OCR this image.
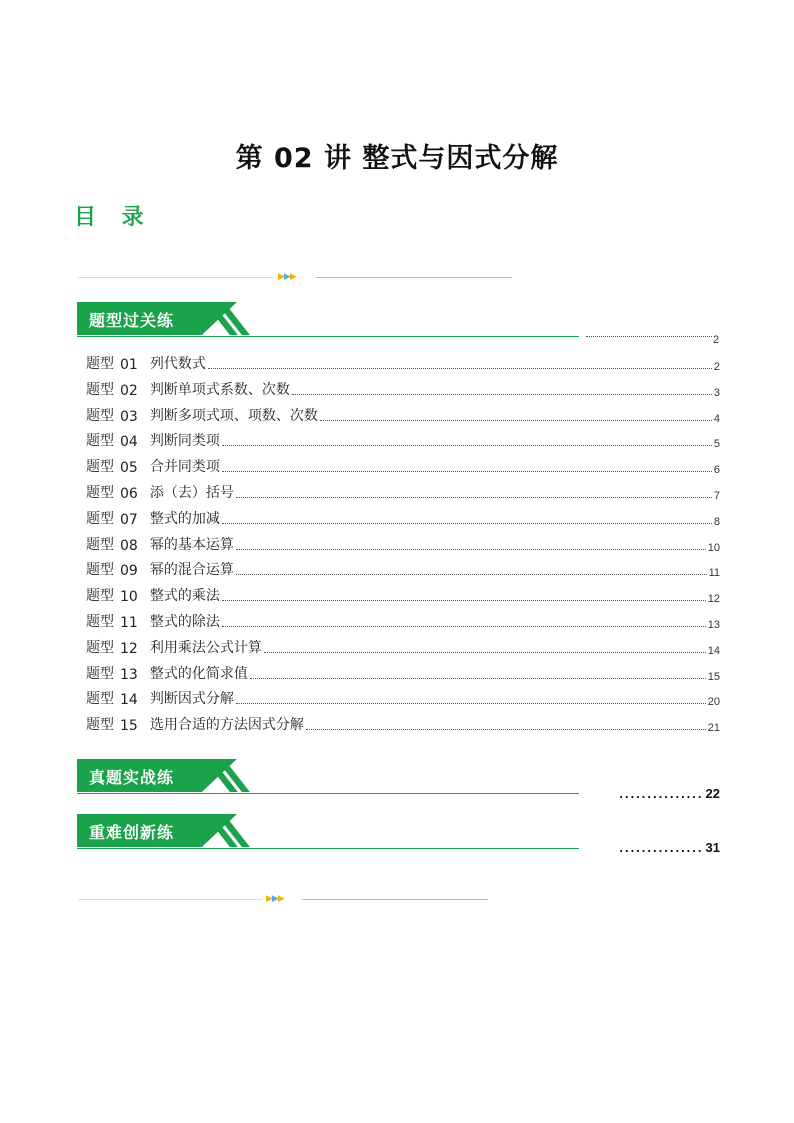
第 02 讲 整式与因式分解
目 录
▶▶▶
题型过关练
2
题型 01 列代数式	2
题型 02 判断单项式系数、次数	3
题型 03 判断多项式项、项数、次数	4
题型 04 判断同类项	5
题型 05 合并同类项	6
题型 06 添（去）括号	7
题型 07 整式的加减	8
题型 08 幂的基本运算	10
题型 09 幂的混合运算	11
题型 10 整式的乘法	12
题型 11 整式的除法	13
题型 12 利用乘法公式计算	14
题型 13 整式的化简求值	15
题型 14 判断因式分解	20
题型 15 选用合适的方法因式分解	21
真题实战练
............... 22
重难创新练
............... 31
▶▶▶
